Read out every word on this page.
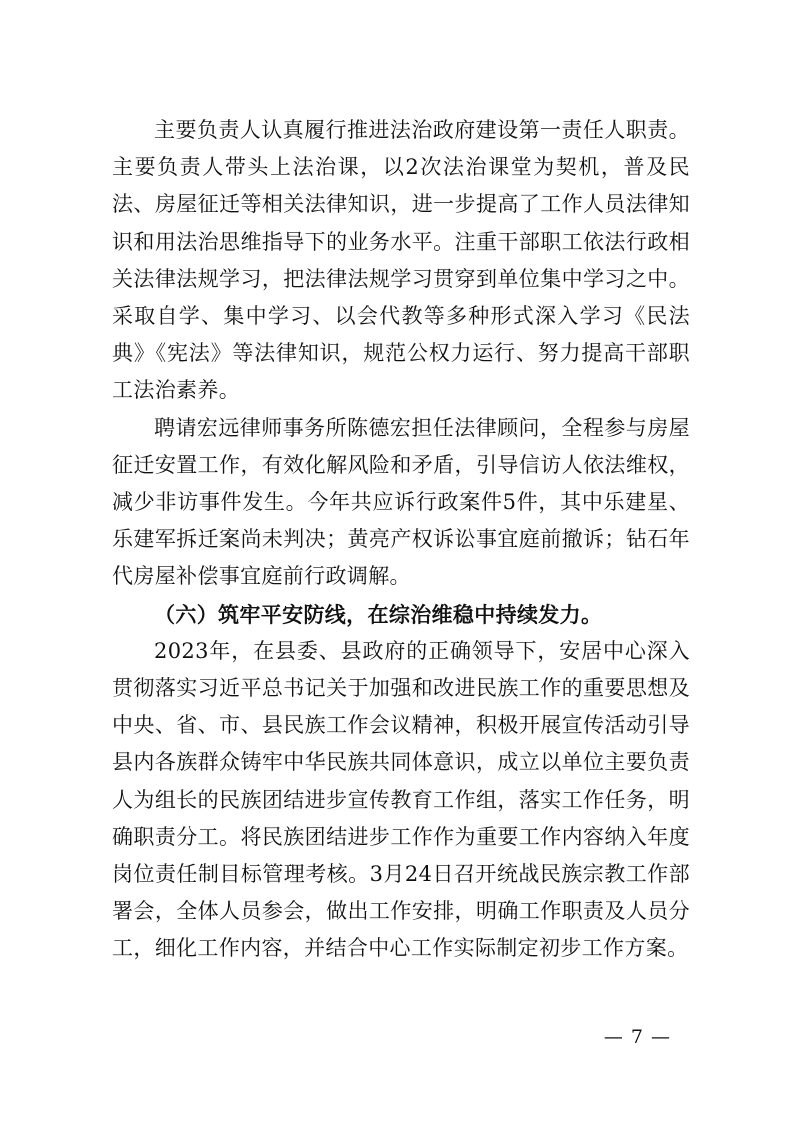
主要负责人认真履行推进法治政府建设第一责任人职责。主要负责人带头上法治课，以2次法治课堂为契机，普及民法、房屋征迁等相关法律知识，进一步提高了工作人员法律知识和用法治思维指导下的业务水平。注重干部职工依法行政相关法律法规学习，把法律法规学习贯穿到单位集中学习之中。采取自学、集中学习、以会代教等多种形式深入学习《民法典》《宪法》等法律知识，规范公权力运行、努力提高干部职工法治素养。

聘请宏远律师事务所陈德宏担任法律顾问，全程参与房屋征迁安置工作，有效化解风险和矛盾，引导信访人依法维权，减少非访事件发生。今年共应诉行政案件5件，其中乐建星、乐建军拆迁案尚未判决；黄亮产权诉讼事宜庭前撤诉；钻石年代房屋补偿事宜庭前行政调解。

（六）筑牢平安防线，在综治维稳中持续发力。

2023年，在县委、县政府的正确领导下，安居中心深入贯彻落实习近平总书记关于加强和改进民族工作的重要思想及中央、省、市、县民族工作会议精神，积极开展宣传活动引导县内各族群众铸牢中华民族共同体意识，成立以单位主要负责人为组长的民族团结进步宣传教育工作组，落实工作任务，明确职责分工。将民族团结进步工作作为重要工作内容纳入年度岗位责任制目标管理考核。3月24日召开统战民族宗教工作部署会，全体人员参会，做出工作安排，明确工作职责及人员分工，细化工作内容，并结合中心工作实际制定初步工作方案。

— 7 —
